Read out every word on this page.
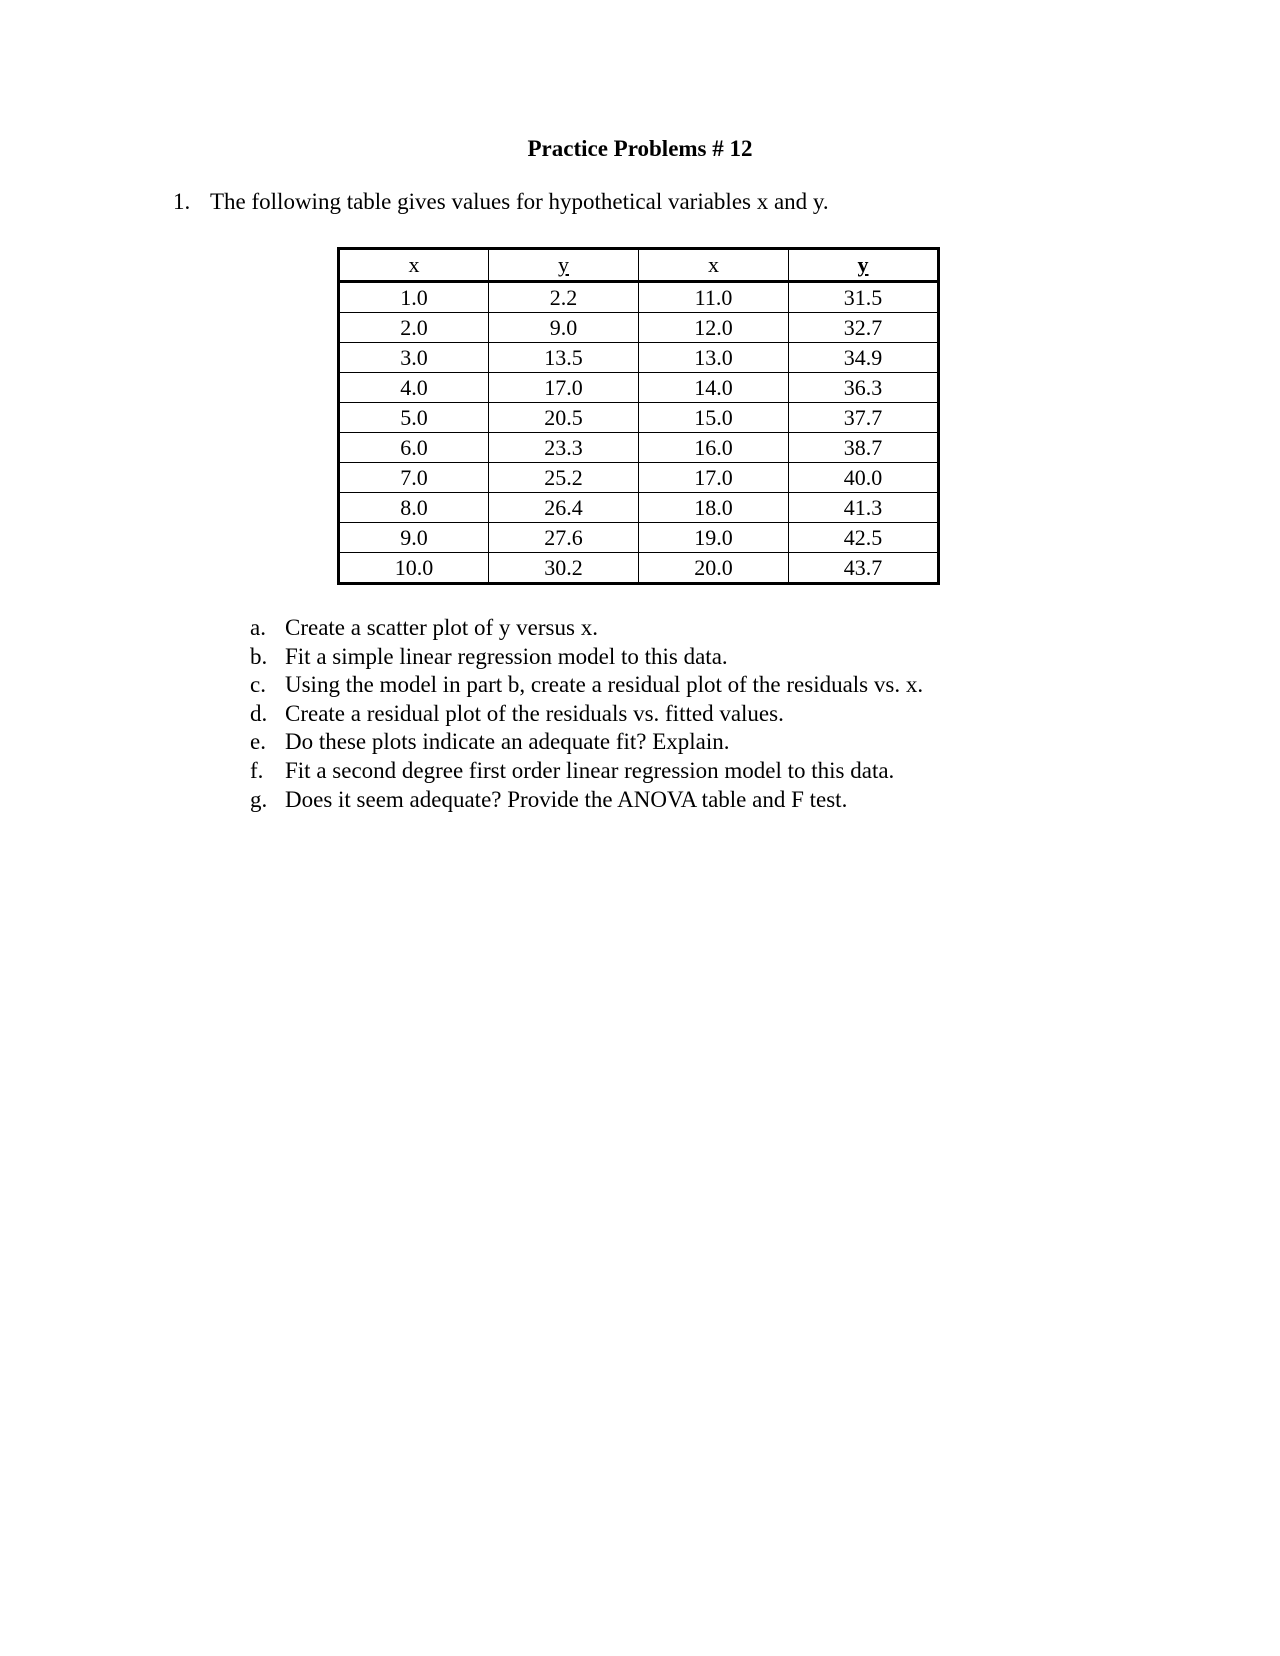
Practice Problems # 12
1. The following table gives values for hypothetical variables x and y.
x	y	x	y
1.0	2.2	11.0	31.5
2.0	9.0	12.0	32.7
3.0	13.5	13.0	34.9
4.0	17.0	14.0	36.3
5.0	20.5	15.0	37.7
6.0	23.3	16.0	38.7
7.0	25.2	17.0	40.0
8.0	26.4	18.0	41.3
9.0	27.6	19.0	42.5
10.0	30.2	20.0	43.7
a. Create a scatter plot of y versus x.
b. Fit a simple linear regression model to this data.
c. Using the model in part b, create a residual plot of the residuals vs. x.
d. Create a residual plot of the residuals vs. fitted values.
e. Do these plots indicate an adequate fit? Explain.
f. Fit a second degree first order linear regression model to this data.
g. Does it seem adequate? Provide the ANOVA table and F test.
